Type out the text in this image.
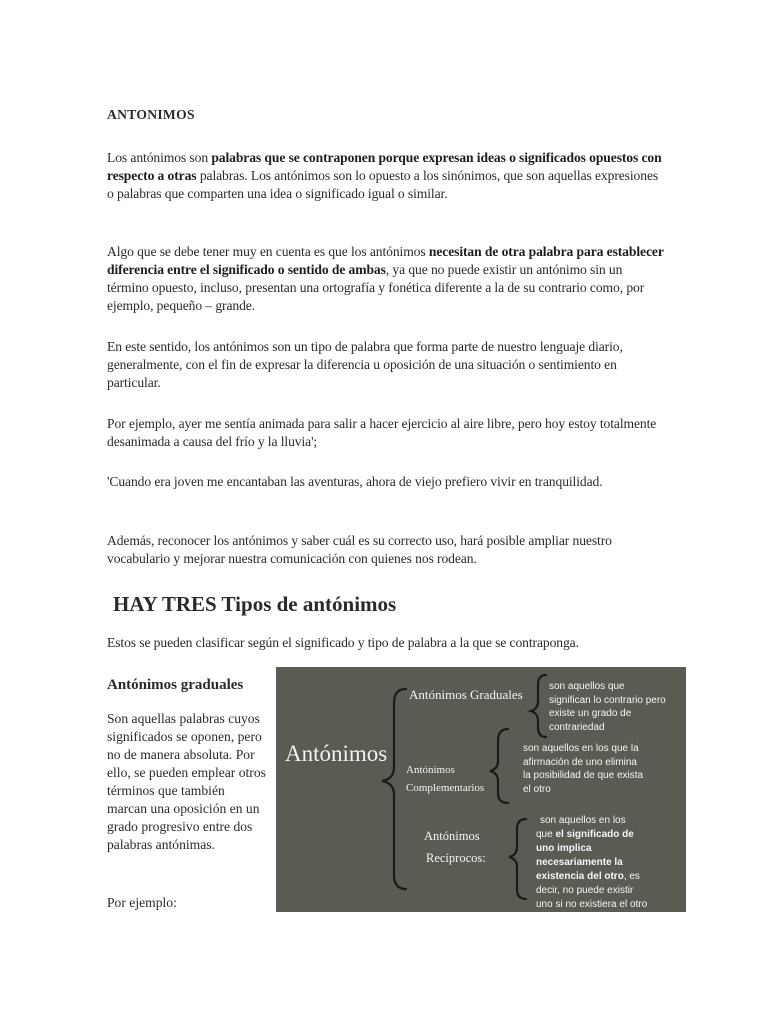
ANTONIMOS

Los antónimos son palabras que se contraponen porque expresan ideas o significados opuestos con respecto a otras palabras. Los antónimos son lo opuesto a los sinónimos, que son aquellas expresiones o palabras que comparten una idea o significado igual o similar.

Algo que se debe tener muy en cuenta es que los antónimos necesitan de otra palabra para establecer diferencia entre el significado o sentido de ambas, ya que no puede existir un antónimo sin un término opuesto, incluso, presentan una ortografía y fonética diferente a la de su contrario como, por ejemplo, pequeño – grande.

En este sentido, los antónimos son un tipo de palabra que forma parte de nuestro lenguaje diario, generalmente, con el fin de expresar la diferencia u oposición de una situación o sentimiento en particular.

Por ejemplo, ayer me sentía animada para salir a hacer ejercicio al aire libre, pero hoy estoy totalmente desanimada a causa del frío y la lluvia';

'Cuando era joven me encantaban las aventuras, ahora de viejo prefiero vivir en tranquilidad.

Además, reconocer los antónimos y saber cuál es su correcto uso, hará posible ampliar nuestro vocabulario y mejorar nuestra comunicación con quienes nos rodean.

HAY TRES Tipos de antónimos

Estos se pueden clasificar según el significado y tipo de palabra a la que se contraponga.

Antónimos graduales

Son aquellas palabras cuyos significados se oponen, pero no de manera absoluta. Por ello, se pueden emplear otros términos que también marcan una oposición en un grado progresivo entre dos palabras antónimas.

Por ejemplo:

Antónimos
Antónimos Graduales
son aquellos que
significan lo contrario pero
existe un grado de
contrariedad
Antónimos
Complementarios
son aquellos en los que la
afirmación de uno elimina
la posibilidad de que exista
el otro
Antónimos
Recíprocos:
son aquellos en los
que el significado de
uno implica
necesariamente la
existencia del otro, es
decir, no puede existir
uno si no existiera el otro
